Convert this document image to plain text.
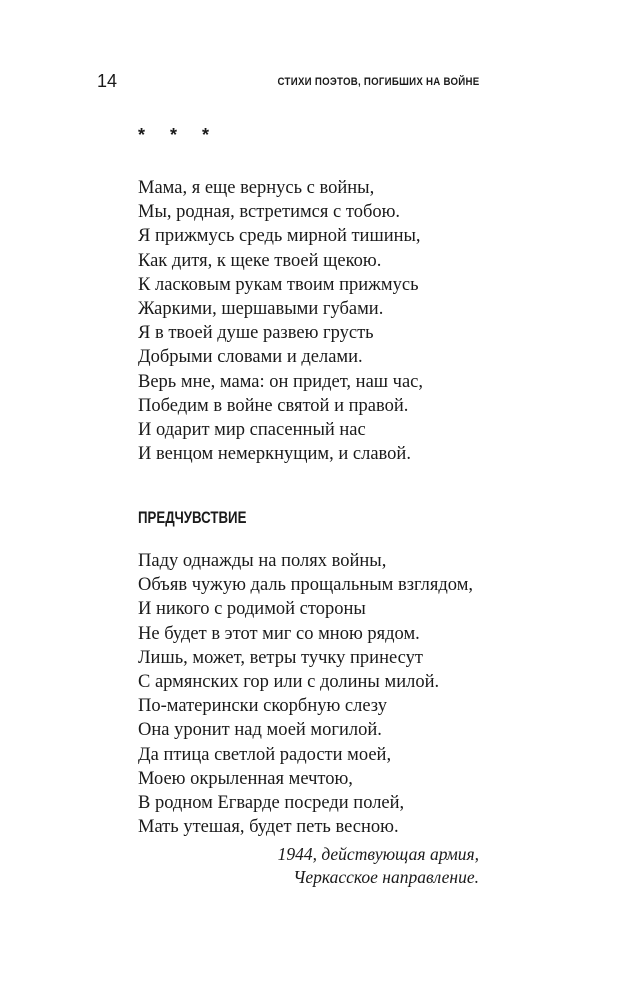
14	СТИХИ ПОЭТОВ, ПОГИБШИХ НА ВОЙНЕ
* * *
Мама, я еще вернусь с войны,
Мы, родная, встретимся с тобою.
Я прижмусь средь мирной тишины,
Как дитя, к щеке твоей щекою.
К ласковым рукам твоим прижмусь
Жаркими, шершавыми губами.
Я в твоей душе развею грусть
Добрыми словами и делами.
Верь мне, мама: он придет, наш час,
Победим в войне святой и правой.
И одарит мир спасенный нас
И венцом немеркнущим, и славой.
ПРЕДЧУВСТВИЕ
Паду однажды на полях войны,
Объяв чужую даль прощальным взглядом,
И никого с родимой стороны
Не будет в этот миг со мною рядом.
Лишь, может, ветры тучку принесут
С армянских гор или с долины милой.
По-матерински скорбную слезу
Она уронит над моей могилой.
Да птица светлой радости моей,
Моею окрыленная мечтою,
В родном Егварде посреди полей,
Мать утешая, будет петь весною.
1944, действующая армия,
Черкасское направление.
